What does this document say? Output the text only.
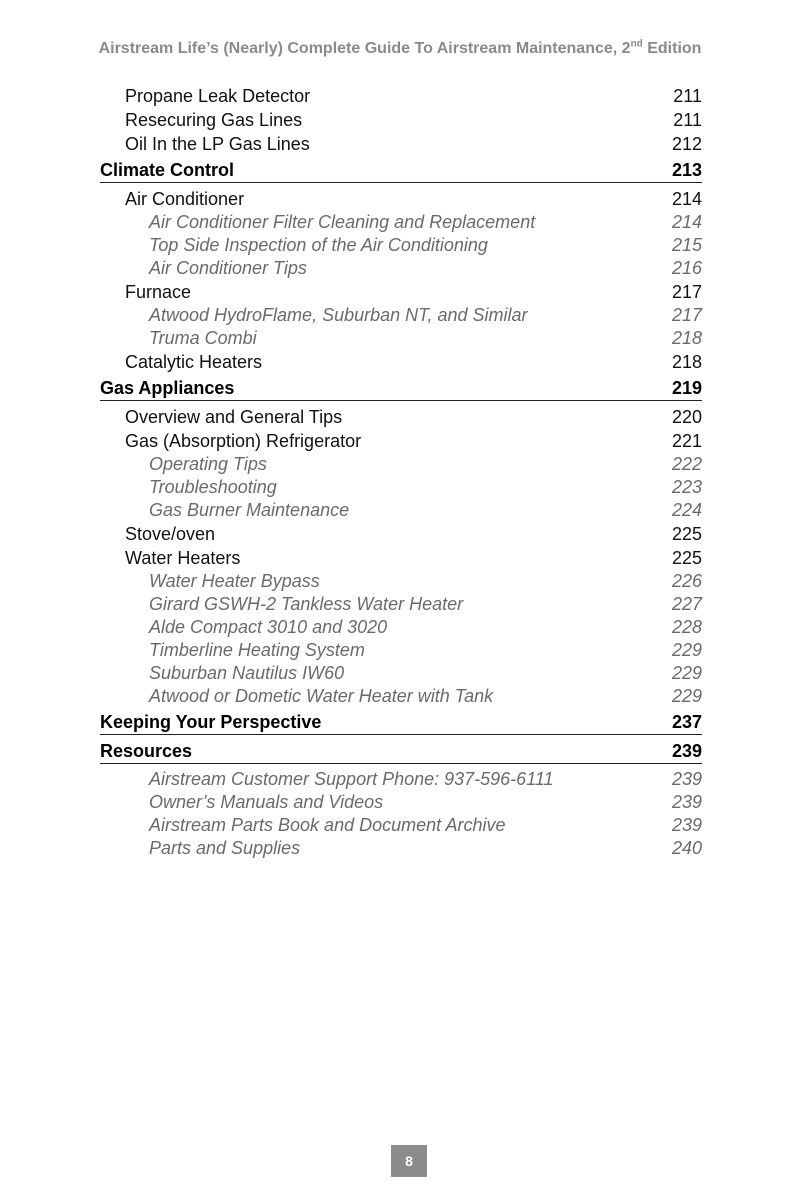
Airstream Life’s (Nearly) Complete Guide To Airstream Maintenance, 2nd Edition
Propane Leak Detector	211
Resecuring Gas Lines	211
Oil In the LP Gas Lines	212
Climate Control	213
Air Conditioner	214
Air Conditioner Filter Cleaning and Replacement	214
Top Side Inspection of the Air Conditioning	215
Air Conditioner Tips	216
Furnace	217
Atwood HydroFlame, Suburban NT, and Similar	217
Truma Combi	218
Catalytic Heaters	218
Gas Appliances	219
Overview and General Tips	220
Gas (Absorption) Refrigerator	221
Operating Tips	222
Troubleshooting	223
Gas Burner Maintenance	224
Stove/oven	225
Water Heaters	225
Water Heater Bypass	226
Girard GSWH-2 Tankless Water Heater	227
Alde Compact 3010 and 3020	228
Timberline Heating System	229
Suburban Nautilus IW60	229
Atwood or Dometic Water Heater with Tank	229
Keeping Your Perspective	237
Resources	239
Airstream Customer Support Phone: 937-596-6111	239
Owner’s Manuals and Videos	239
Airstream Parts Book and Document Archive	239
Parts and Supplies	240
8
